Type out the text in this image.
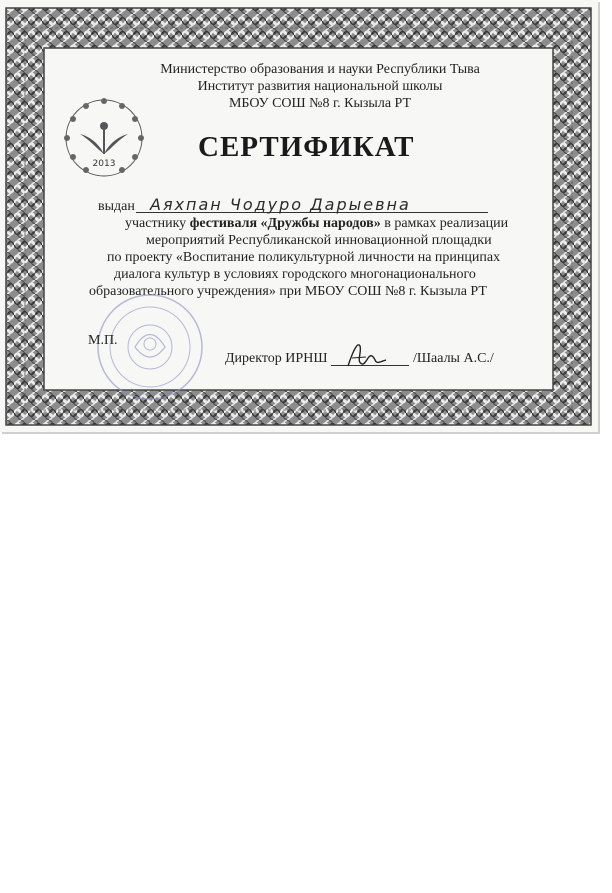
2013
Министерство образования и науки Республики Тыва
Институт развития национальной школы
МБОУ СОШ №8 г. Кызыла РТ
СЕРТИФИКАТ
выдан Аяхпан Чодуро Дарыевна
участнику фестиваля «Дружбы народов» в рамках реализации
мероприятий Республиканской инновационной площадки
по проекту «Воспитание поликультурной личности на принципах
диалога культур в условиях городского многонационального
образовательного учреждения» при МБОУ СОШ №8 г. Кызыла РТ
М.П.
Директор ИРНШ	/Шаалы А.С./
